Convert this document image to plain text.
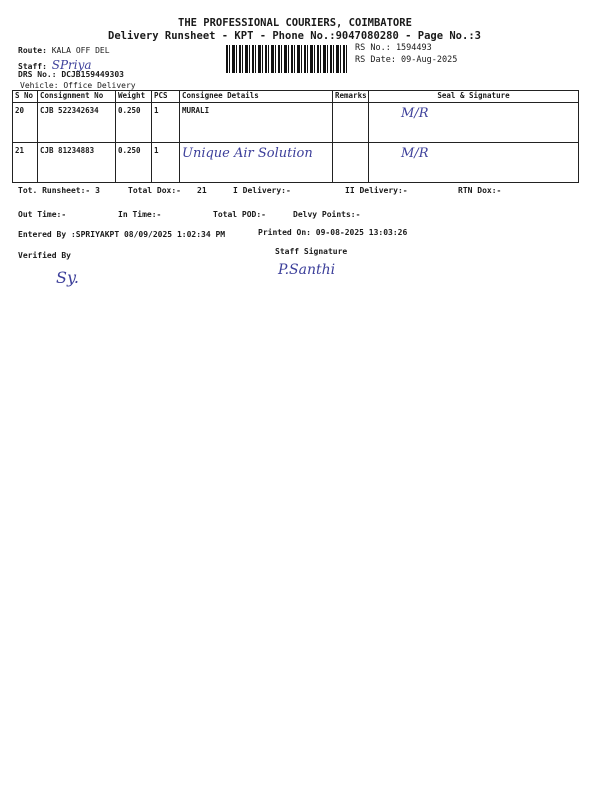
THE PROFESSIONAL COURIERS, COIMBATORE
Delivery Runsheet - KPT - Phone No.:9047080280 - Page No.:3
RS No.: 1594493
RS Date: 09-Aug-2025
Route: KALA OFF DEL
Staff: SPriya
DRS No.: DCJB159449303
Vehicle: Office Delivery
S No	Consignment No	Weight	PCS	Consignee Details	Remarks	Seal & Signature
20	CJB 522342634	0.250	1	MURALI		M/R
21	CJB 81234883	0.250	1	Unique Air Solution		M/R
Tot. Runsheet:- 3	Total Dox:- 21	I Delivery:-	II Delivery:-	RTN Dox:-
Out Time:-	In Time:-	Total POD:-	Delvy Points:-
Entered By :SPRIYAKPT 08/09/2025 1:02:34 PM	Printed On: 09-08-2025 13:03:26
Verified By	Staff Signature
Sy.	P.Santhi
